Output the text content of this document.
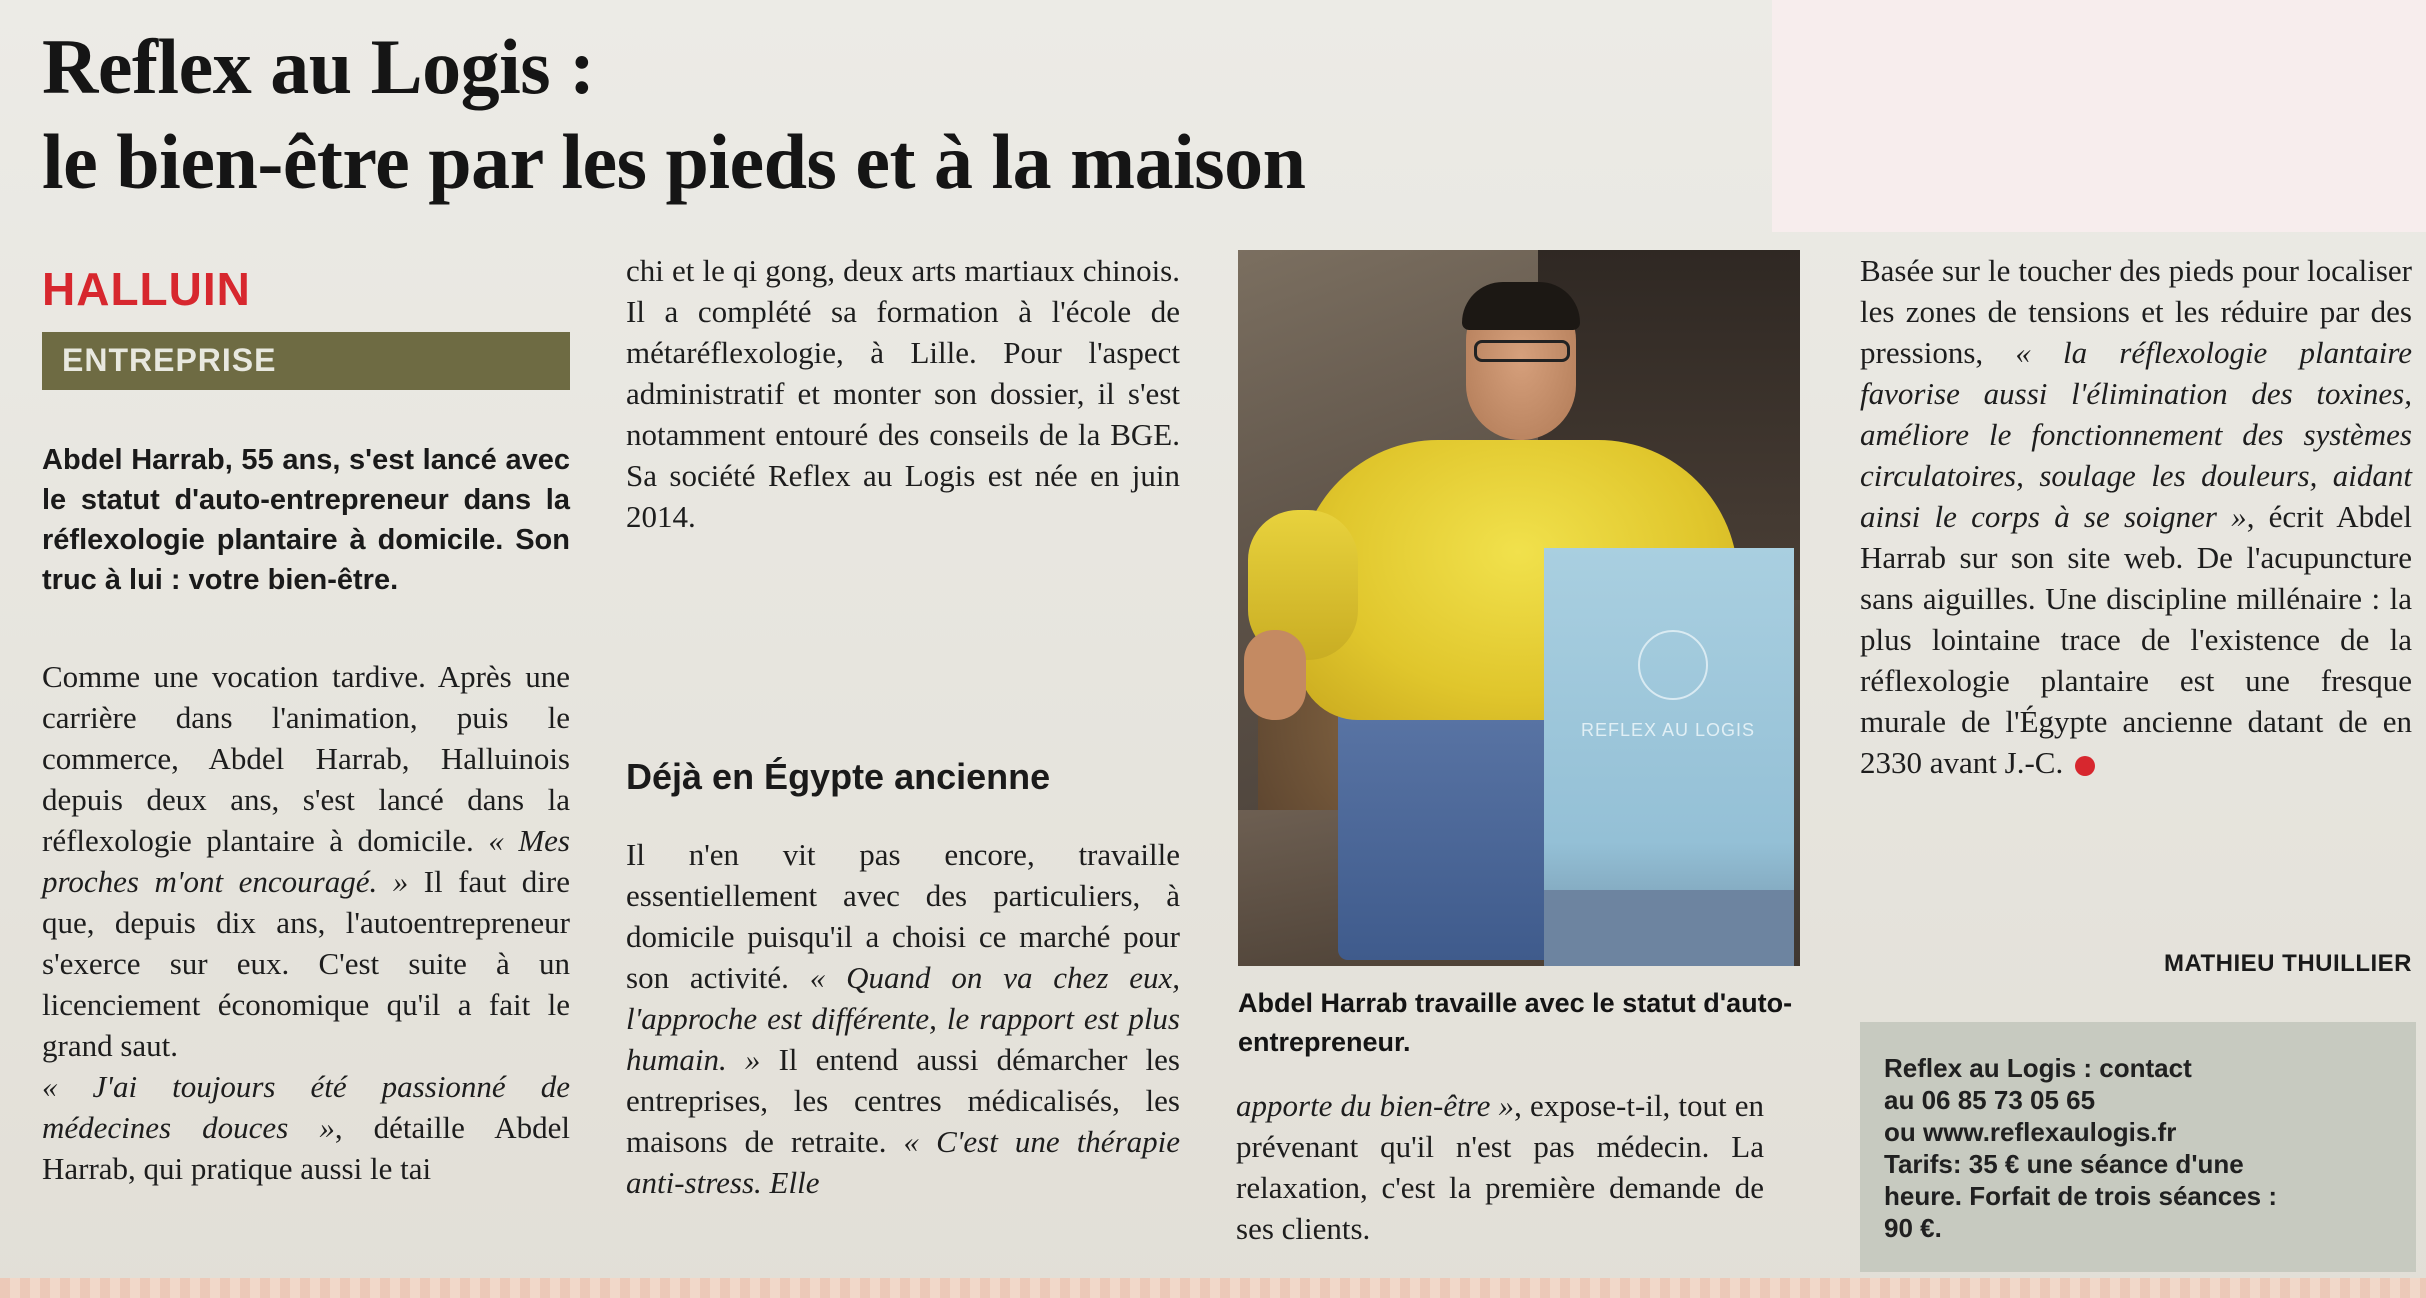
Reflex au Logis :
le bien-être par les pieds et à la maison
HALLUIN
ENTREPRISE
Abdel Harrab, 55 ans, s'est lancé avec le statut d'auto-entrepreneur dans la réflexologie plantaire à domicile. Son truc à lui : votre bien-être.
Comme une vocation tardive. Après une carrière dans l'animation, puis le commerce, Abdel Harrab, Halluinois depuis deux ans, s'est lancé dans la réflexologie plantaire à domicile. « Mes proches m'ont encouragé. » Il faut dire que, depuis dix ans, l'autoentrepreneur s'exerce sur eux. C'est suite à un licenciement économique qu'il a fait le grand saut.
« J'ai toujours été passionné de médecines douces », détaille Abdel Harrab, qui pratique aussi le tai
chi et le qi gong, deux arts martiaux chinois. Il a complété sa formation à l'école de métaréflexologie, à Lille. Pour l'aspect administratif et monter son dossier, il s'est notamment entouré des conseils de la BGE. Sa société Reflex au Logis est née en juin 2014.
Déjà en Égypte ancienne
Il n'en vit pas encore, travaille essentiellement avec des particuliers, à domicile puisqu'il a choisi ce marché pour son activité. « Quand on va chez eux, l'approche est différente, le rapport est plus humain. » Il entend aussi démarcher les entreprises, les centres médicalisés, les maisons de retraite. « C'est une thérapie anti-stress. Elle
REFLEX AU LOGIS
Abdel Harrab travaille avec le statut d'auto-entrepreneur.
apporte du bien-être », expose-t-il, tout en prévenant qu'il n'est pas médecin. La relaxation, c'est la première demande de ses clients.
Basée sur le toucher des pieds pour localiser les zones de tensions et les réduire par des pressions, « la réflexologie plantaire favorise aussi l'élimination des toxines, améliore le fonctionnement des systèmes circulatoires, soulage les douleurs, aidant ainsi le corps à se soigner », écrit Abdel Harrab sur son site web. De l'acupuncture sans aiguilles. Une discipline millénaire : la plus lointaine trace de l'existence de la réflexologie plantaire est une fresque murale de l'Égypte ancienne datant de en 2330 avant J.-C.
MATHIEU THUILLIER
Reflex au Logis : contact
au 06 85 73 05 65
ou www.reflexaulogis.fr
Tarifs: 35 € une séance d'une
heure. Forfait de trois séances :
90 €.
